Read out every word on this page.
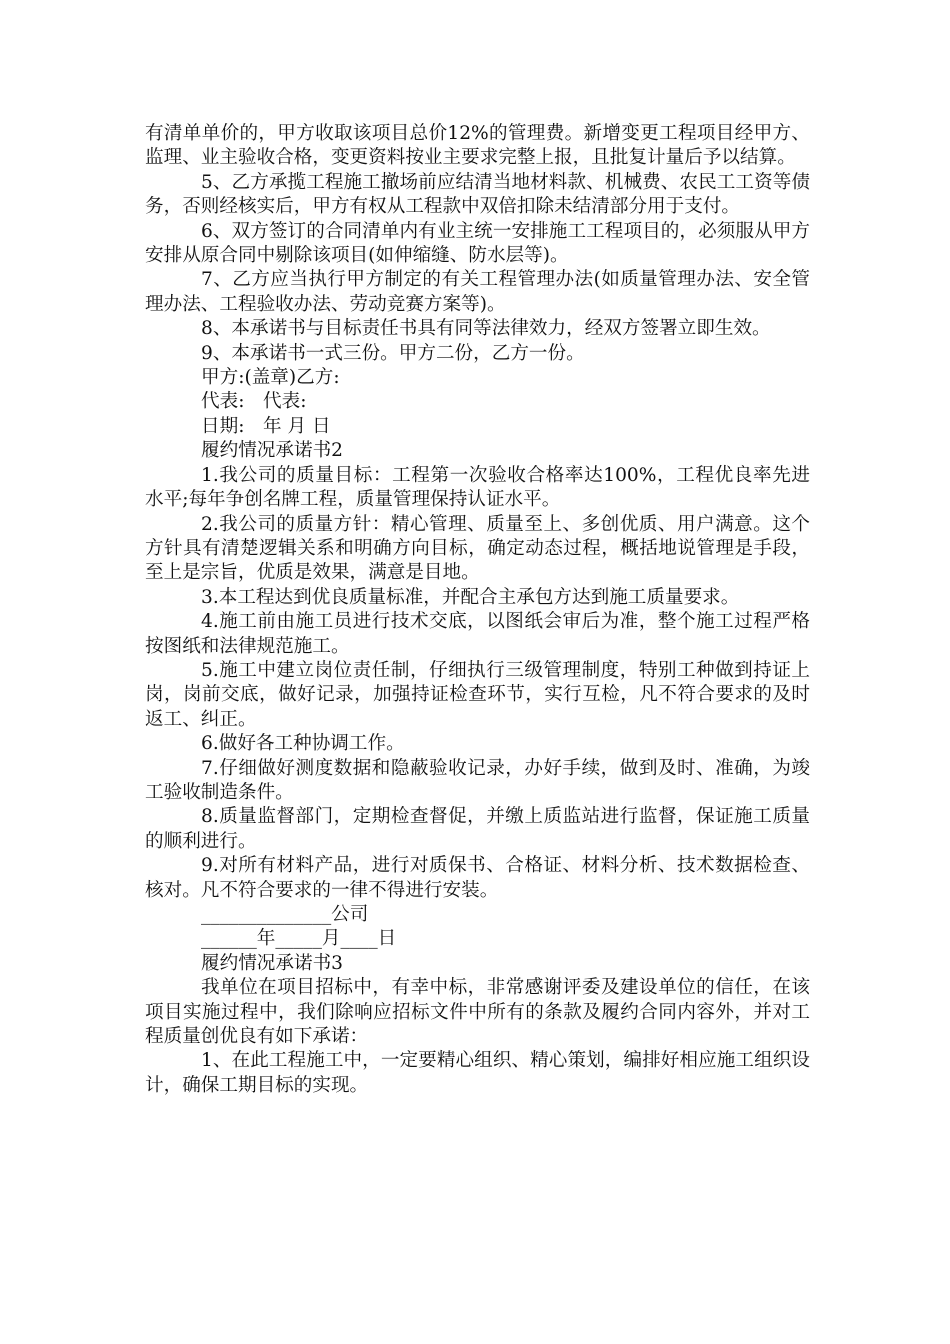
有清单单价的，甲方收取该项目总价12%的管理费。新增变更工程项目经甲方、监理、业主验收合格，变更资料按业主要求完整上报，且批复计量后予以结算。

5、乙方承揽工程施工撤场前应结清当地材料款、机械费、农民工工资等债务，否则经核实后，甲方有权从工程款中双倍扣除未结清部分用于支付。

6、双方签订的合同清单内有业主统一安排施工工程项目的，必须服从甲方安排从原合同中剔除该项目(如伸缩缝、防水层等)。

7、乙方应当执行甲方制定的有关工程管理办法(如质量管理办法、安全管理办法、工程验收办法、劳动竞赛方案等)。

8、本承诺书与目标责任书具有同等法律效力，经双方签署立即生效。

9、本承诺书一式三份。甲方二份，乙方一份。

甲方:(盖章)乙方:

代表:　代表:

日期:　年 月 日

履约情况承诺书2

1.我公司的质量目标：工程第一次验收合格率达100%，工程优良率先进水平;每年争创名牌工程，质量管理保持认证水平。

2.我公司的质量方针：精心管理、质量至上、多创优质、用户满意。这个方针具有清楚逻辑关系和明确方向目标，确定动态过程，概括地说管理是手段，至上是宗旨，优质是效果，满意是目地。

3.本工程达到优良质量标准，并配合主承包方达到施工质量要求。

4.施工前由施工员进行技术交底，以图纸会审后为准，整个施工过程严格按图纸和法律规范施工。

5.施工中建立岗位责任制，仔细执行三级管理制度，特别工种做到持证上岗，岗前交底，做好记录，加强持证检查环节，实行互检，凡不符合要求的及时返工、纠正。

6.做好各工种协调工作。

7.仔细做好测度数据和隐蔽验收记录，办好手续，做到及时、准确，为竣工验收制造条件。

8.质量监督部门，定期检查督促，并缴上质监站进行监督，保证施工质量的顺利进行。

9.对所有材料产品，进行对质保书、合格证、材料分析、技术数据检查、核对。凡不符合要求的一律不得进行安装。

______________公司

______年_____月____日

履约情况承诺书3

我单位在项目招标中，有幸中标，非常感谢评委及建设单位的信任，在该项目实施过程中，我们除响应招标文件中所有的条款及履约合同内容外，并对工程质量创优良有如下承诺：

1、在此工程施工中，一定要精心组织、精心策划，编排好相应施工组织设计，确保工期目标的实现。
